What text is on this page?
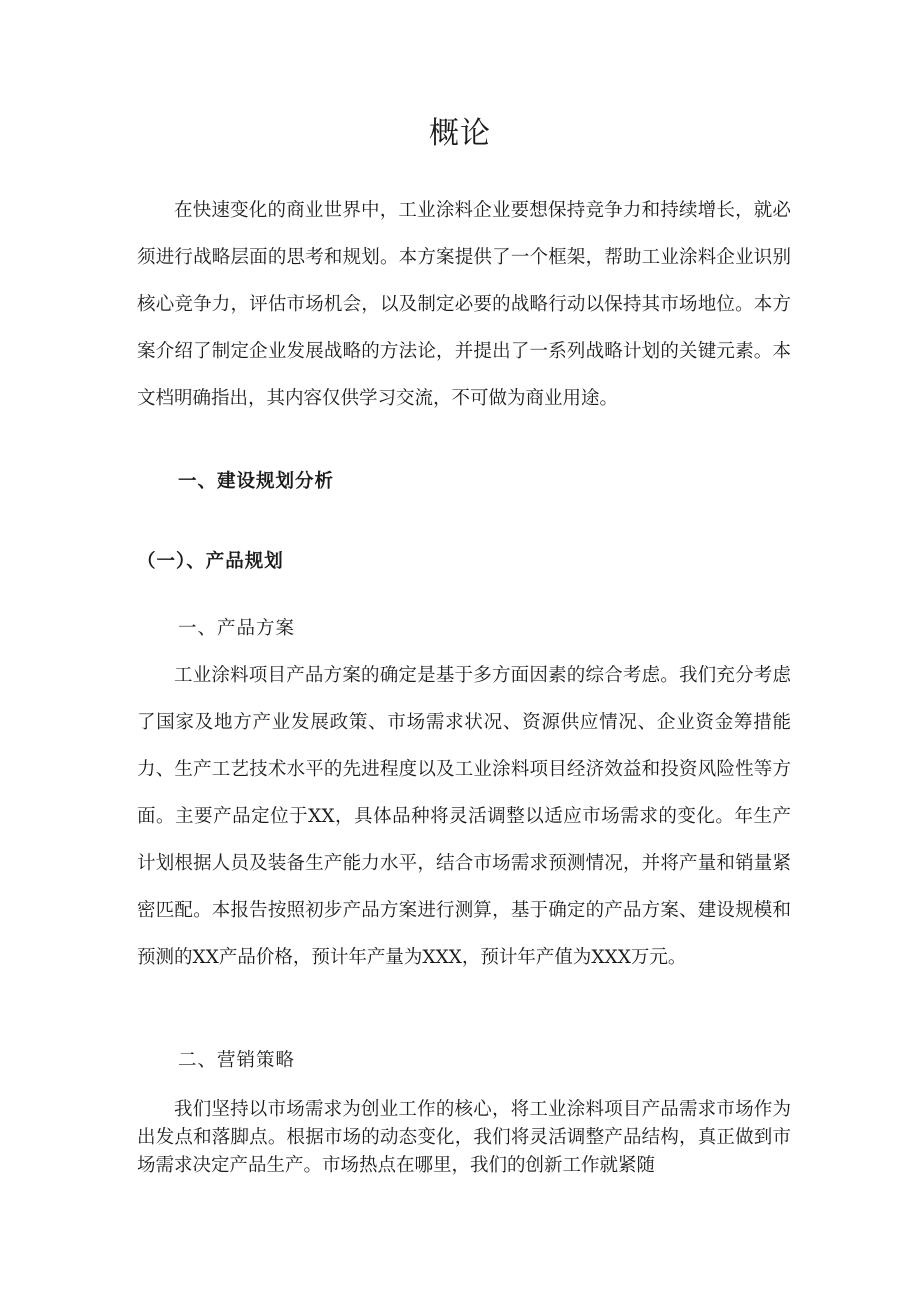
概论

在快速变化的商业世界中，工业涂料企业要想保持竞争力和持续增长，就必须进行战略层面的思考和规划。本方案提供了一个框架，帮助工业涂料企业识别核心竞争力，评估市场机会，以及制定必要的战略行动以保持其市场地位。本方案介绍了制定企业发展战略的方法论，并提出了一系列战略计划的关键元素。本文档明确指出，其内容仅供学习交流，不可做为商业用途。

一、建设规划分析
（一）、产品规划
一、产品方案

工业涂料项目产品方案的确定是基于多方面因素的综合考虑。我们充分考虑了国家及地方产业发展政策、市场需求状况、资源供应情况、企业资金筹措能力、生产工艺技术水平的先进程度以及工业涂料项目经济效益和投资风险性等方面。主要产品定位于XX，具体品种将灵活调整以适应市场需求的变化。年生产计划根据人员及装备生产能力水平，结合市场需求预测情况，并将产量和销量紧密匹配。本报告按照初步产品方案进行测算，基于确定的产品方案、建设规模和预测的XX产品价格，预计年产量为XXX，预计年产值为XXX万元。

二、营销策略

我们坚持以市场需求为创业工作的核心，将工业涂料项目产品需求市场作为出发点和落脚点。根据市场的动态变化，我们将灵活调整产品结构，真正做到市场需求决定产品生产。市场热点在哪里，我们的创新工作就紧随
